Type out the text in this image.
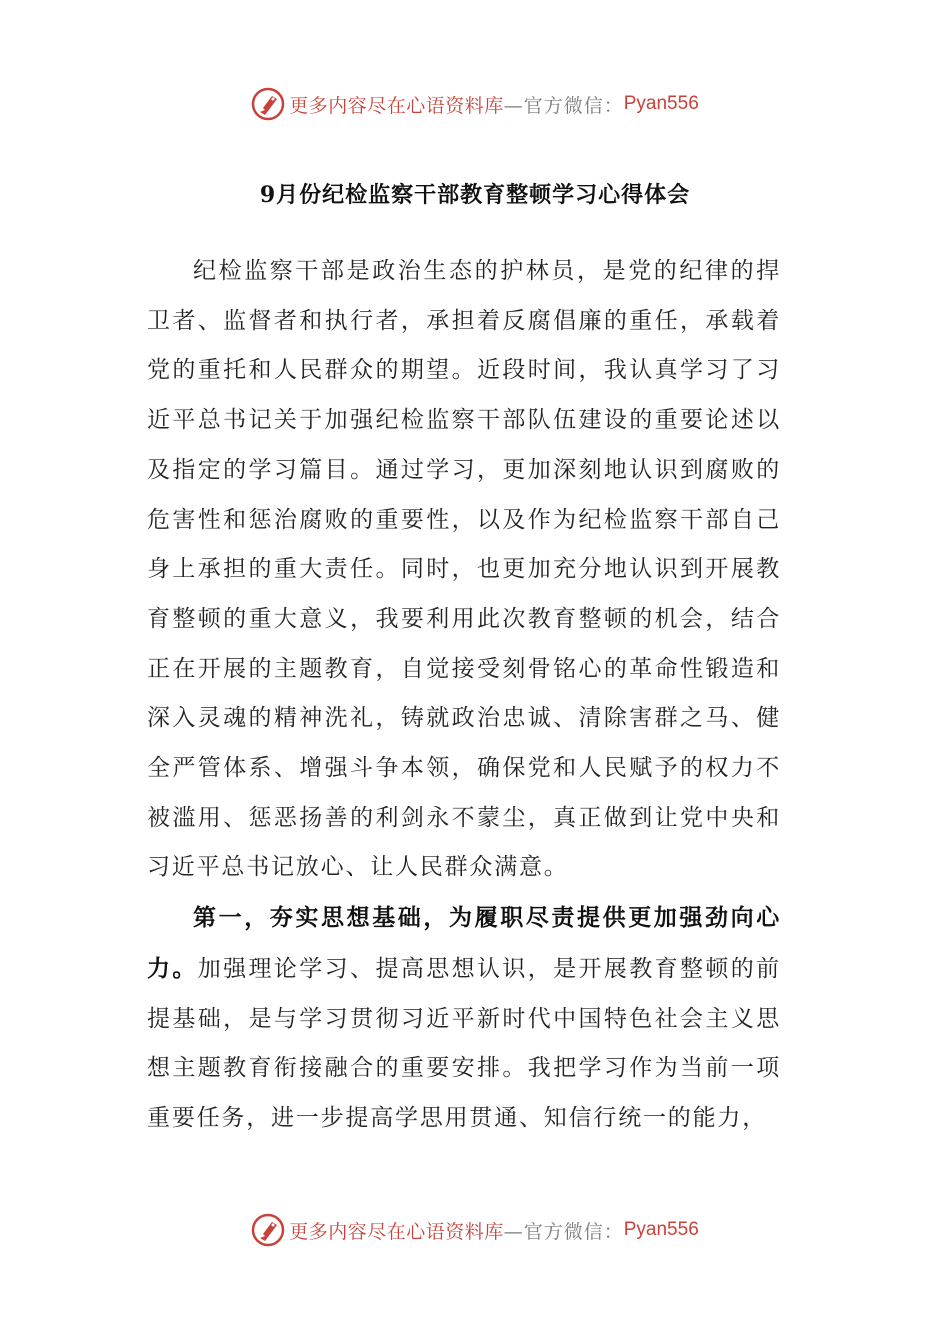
更多内容尽在心语资料库 —官方微信： Pyan556
9月份纪检监察干部教育整顿学习心得体会

纪检监察干部是政治生态的护林员，是党的纪律的捍卫者、监督者和执行者，承担着反腐倡廉的重任，承载着党的重托和人民群众的期望。近段时间，我认真学习了习近平总书记关于加强纪检监察干部队伍建设的重要论述以及指定的学习篇目。通过学习，更加深刻地认识到腐败的危害性和惩治腐败的重要性，以及作为纪检监察干部自己身上承担的重大责任。同时，也更加充分地认识到开展教育整顿的重大意义，我要利用此次教育整顿的机会，结合正在开展的主题教育，自觉接受刻骨铭心的革命性锻造和深入灵魂的精神洗礼，铸就政治忠诚、清除害群之马、健全严管体系、增强斗争本领，确保党和人民赋予的权力不被滥用、惩恶扬善的利剑永不蒙尘，真正做到让党中央和习近平总书记放心、让人民群众满意。

第一，夯实思想基础，为履职尽责提供更加强劲向心力。加强理论学习、提高思想认识，是开展教育整顿的前提基础，是与学习贯彻习近平新时代中国特色社会主义思想主题教育衔接融合的重要安排。我把学习作为当前一项重要任务，进一步提高学思用贯通、知信行统一的能力，

更多内容尽在心语资料库 —官方微信： Pyan556
